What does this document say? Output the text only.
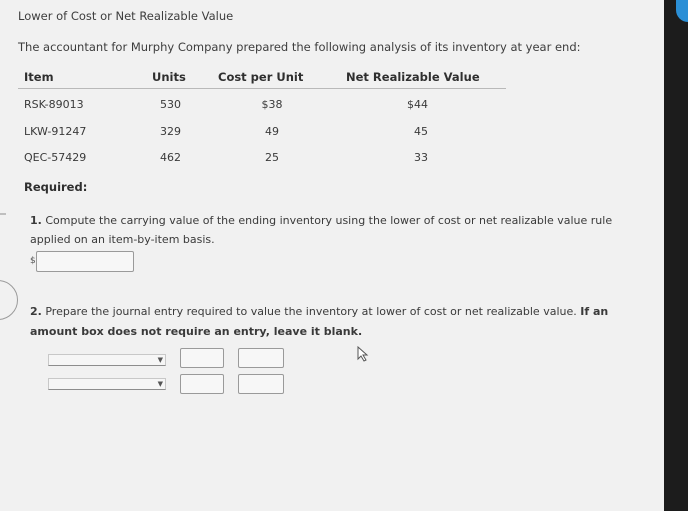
Lower of Cost or Net Realizable Value
The accountant for Murphy Company prepared the following analysis of its inventory at year end:
Item	Units	Cost per Unit	Net Realizable Value
RSK-89013	530	$38	$44
LKW-91247	329	49	45
QEC-57429	462	25	33
Required:
1. Compute the carrying value of the ending inventory using the lower of cost or net realizable value rule applied on an item-by-item basis.
$
2. Prepare the journal entry required to value the inventory at lower of cost or net realizable value. If an amount box does not require an entry, leave it blank.
▼
▼
